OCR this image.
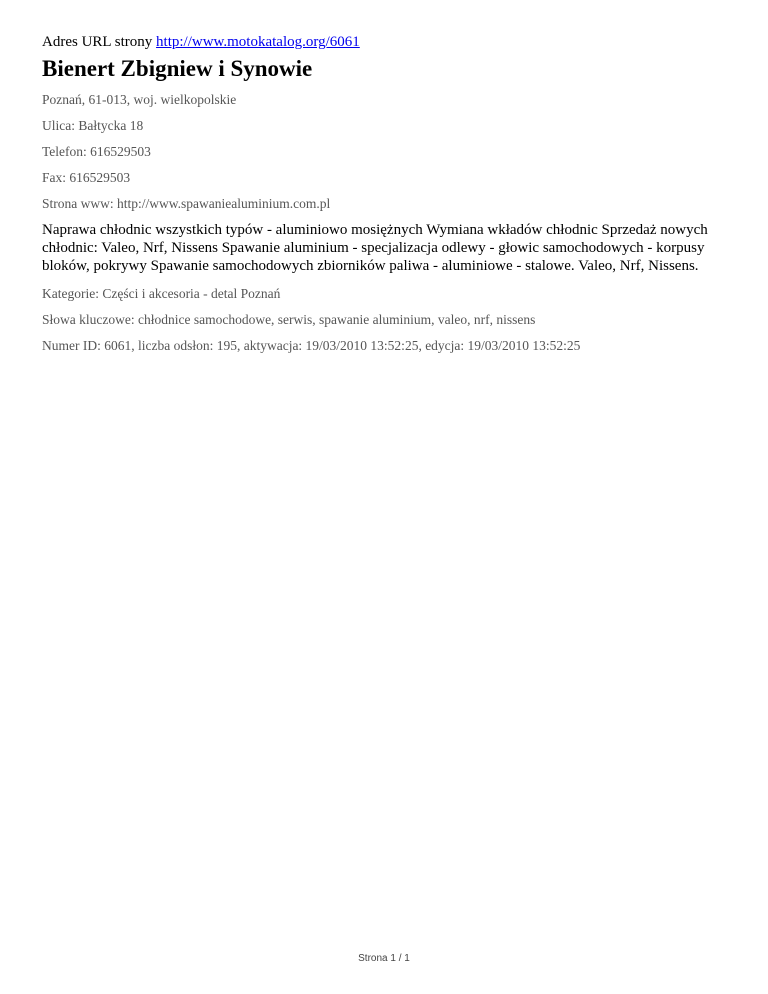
Adres URL strony http://www.motokatalog.org/6061

Bienert Zbigniew i Synowie

Poznań, 61-013, woj. wielkopolskie

Ulica: Bałtycka 18

Telefon: 616529503

Fax: 616529503

Strona www: http://www.spawaniealuminium.com.pl

Naprawa chłodnic wszystkich typów - aluminiowo mosiężnych Wymiana wkładów chłodnic Sprzedaż nowych chłodnic: Valeo, Nrf, Nissens Spawanie aluminium - specjalizacja odlewy - głowic samochodowych - korpusy bloków, pokrywy Spawanie samochodowych zbiorników paliwa - aluminiowe - stalowe. Valeo, Nrf, Nissens.

Kategorie: Części i akcesoria - detal Poznań

Słowa kluczowe: chłodnice samochodowe, serwis, spawanie aluminium, valeo, nrf, nissens

Numer ID: 6061, liczba odsłon: 195, aktywacja: 19/03/2010 13:52:25, edycja: 19/03/2010 13:52:25

Strona 1 / 1
